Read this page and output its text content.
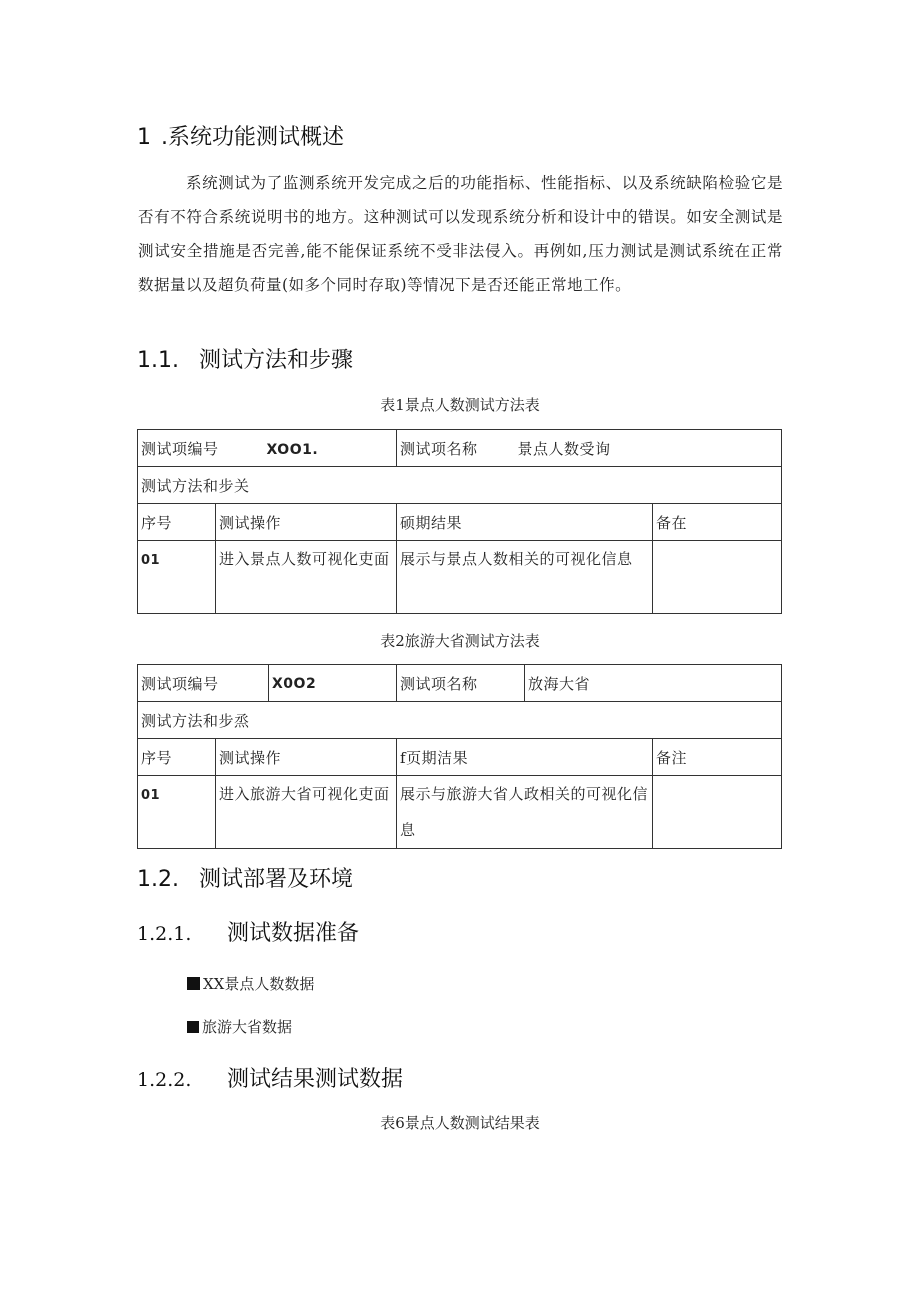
1 .系统功能测试概述

系统测试为了监测系统开发完成之后的功能指标、性能指标、以及系统缺陷检验它是否有不符合系统说明书的地方。这种测试可以发现系统分析和设计中的错误。如安全测试是测试安全措施是否完善,能不能保证系统不受非法侵入。再例如,压力测试是测试系统在正常数据量以及超负荷量(如多个同时存取)等情况下是否还能正常地工作。

1.1. 测试方法和步骤
表1景点人数测试方法表
测试项编号 XOO1.		测试项名称 景点人数受询	
测试方法和步关			
序号	测试操作	硕期结果	备在
01	进入景点人数可视化吏面	展示与景点人数相关的可视化信息	
表2旅游大省测试方法表
测试项编号		X0O2	测试项名称	放海大省	
测试方法和步烝					
序号	测试操作		f页期洁果		备注
01	进入旅游大省可视化吏面		展示与旅游大省人政相关的可视化信息		
1.2. 测试部署及环境
1.2.1. 测试数据准备
XX景点人数数据
旅游大省数据
1.2.2. 测试结果测试数据
表6景点人数测试结果表
